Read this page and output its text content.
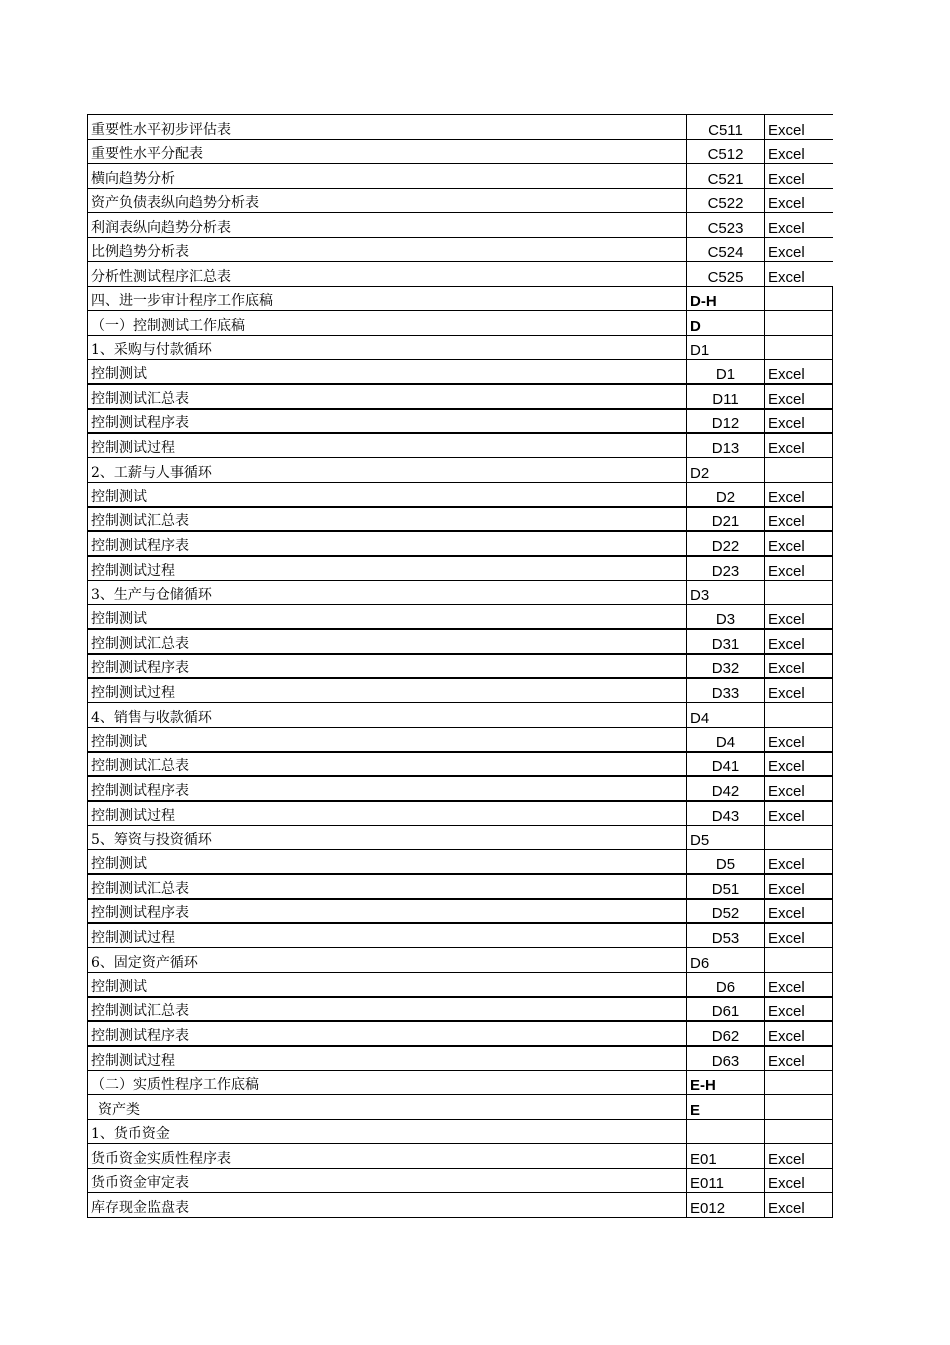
重要性水平初步评估表	C511	Excel
重要性水平分配表	C512	Excel
横向趋势分析	C521	Excel
资产负债表纵向趋势分析表	C522	Excel
利润表纵向趋势分析表	C523	Excel
比例趋势分析表	C524	Excel
分析性测试程序汇总表	C525	Excel
四、进一步审计程序工作底稿	D-H	
（一）控制测试工作底稿	D	
1、采购与付款循环	D1	
控制测试	D1	Excel
控制测试汇总表	D11	Excel
控制测试程序表	D12	Excel
控制测试过程	D13	Excel
2、工薪与人事循环	D2	
控制测试	D2	Excel
控制测试汇总表	D21	Excel
控制测试程序表	D22	Excel
控制测试过程	D23	Excel
3、生产与仓储循环	D3	
控制测试	D3	Excel
控制测试汇总表	D31	Excel
控制测试程序表	D32	Excel
控制测试过程	D33	Excel
4、销售与收款循环	D4	
控制测试	D4	Excel
控制测试汇总表	D41	Excel
控制测试程序表	D42	Excel
控制测试过程	D43	Excel
5、筹资与投资循环	D5	
控制测试	D5	Excel
控制测试汇总表	D51	Excel
控制测试程序表	D52	Excel
控制测试过程	D53	Excel
6、固定资产循环	D6	
控制测试	D6	Excel
控制测试汇总表	D61	Excel
控制测试程序表	D62	Excel
控制测试过程	D63	Excel
（二）实质性程序工作底稿	E-H	
资产类	E	
1、货币资金		
货币资金实质性程序表	E01	Excel
货币资金审定表	E011	Excel
库存现金监盘表	E012	Excel
